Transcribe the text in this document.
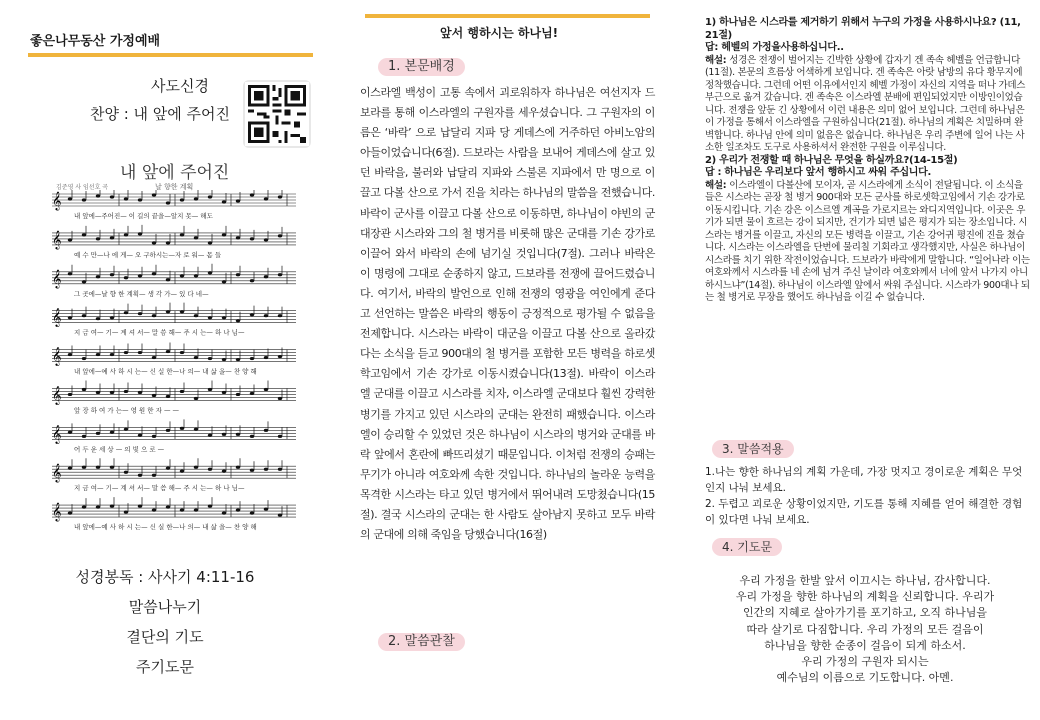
좋은나무동산 가정예배
사도신경
찬양 : 내 앞에 주어진
내 앞에 주어진
김준영 사 임선호 곡	날 향한 계획
𝄞
내 앞에—주어진— 이 길의 끝을—알지 못— 해도
𝄞
예 수 만—나 에 게— 오 구하시는—자 로 워— 몸 들
𝄞
그 곳에—날 향 한 계획— 생 각 가— 있 다 네—
𝄞
지 금 여— 기— 계 셔 서— 말 씀 해— 주 시 는— 하 나 님—
𝄞
내 앞에—예 사 하 시 는— 신 실 한—나 의— 내 삶 을— 찬 양 해
𝄞
앞 장 하 여 가 는— 영 원 한 자 — —
𝄞
어 두 운 세 상 — 의 빛 으 로 —
𝄞
지 금 여— 기— 계 셔 서— 말 씀 해— 주 시 는— 하 나 님—
𝄞
내 앞에—예 사 하 시 는— 신 실 한—나 의— 내 삶 을— 찬 양 해
성경봉독 : 사사기 4:11-16
말씀나누기
결단의 기도
주기도문
앞서 행하시는 하나님!
1. 본문배경
이스라엘 백성이 고통 속에서 괴로워하자 하나님은 여선지자 드보라를 통해 이스라엘의 구원자를 세우셨습니다. 그 구원자의 이름은 ‘바락’ 으로 납달리 지파 당 게데스에 거주하던 아비노암의 아들이었습니다(6절). 드보라는 사람을 보내어 게데스에 살고 있던 바락을, 불러와 납달리 지파와 스불론 지파에서 만 명으로 이끌고 다볼 산으로 가서 진을 치라는 하나님의 말씀을 전했습니다. 바락이 군사를 이끌고 다볼 산으로 이동하면, 하나님이 야빈의 군대장관 시스라와 그의 철 병거를 비롯해 많은 군대를 기손 강가로 이끌어 와서 바락의 손에 넘기실 것입니다(7절). 그러나 바락은 이 명령에 그대로 순종하지 않고, 드보라를 전쟁에 끌어드렸습니다. 여기서, 바락의 발언으로 인해 전쟁의 영광을 여인에게 준다고 선언하는 말씀은 바락의 행동이 긍정적으로 평가될 수 없음을 전제합니다. 시스라는 바락이 대군을 이끌고 다볼 산으로 올라갔다는 소식을 듣고 900대의 철 병거를 포함한 모든 병력을 하로셋학고임에서 기손 강가로 이동시켰습니다(13절). 바락이 이스라엘 군대를 이끌고 시스라를 치자, 이스라엘 군대보다 훨씬 강력한 병기를 가지고 있던 시스라의 군대는 완전히 패했습니다. 이스라엘이 승리할 수 있었던 것은 하나님이 시스라의 병거와 군대를 바락 앞에서 혼란에 빠뜨리셨기 때문입니다. 이처럼 전쟁의 승패는 무기가 아니라 여호와께 속한 것입니다. 하나님의 놀라운 능력을 목격한 시스라는 타고 있던 병거에서 뛰어내려 도망쳤습니다(15절). 결국 시스라의 군대는 한 사람도 살아남지 못하고 모두 바락의 군대에 의해 죽임을 당했습니다(16절)
2. 말씀관찰
1) 하나님은 시스라를 제거하기 위해서 누구의 가정을 사용하시나요? (11, 21절)
답: 헤벨의 가정을사용하십니다..
해설: 성경은 전쟁이 벌어지는 긴박한 상황에 갑자기 겐 족속 헤벨을 언급합니다(11절). 본문의 흐름상 어색하게 보입니다. 겐 족속은 아랏 남방의 유다 황무지에 정착했습니다. 그런데 어떤 이유에서인지 헤벨 가정이 자신의 지역을 떠나 가데스 부근으로 옮겨 갔습니다. 겐 족속은 이스라엘 분배에 편입되었지만 이방인이었습니다. 전쟁을 앞둔 긴 상황에서 이런 내용은 의미 없어 보입니다. 그런데 하나님은 이 가정을 통해서 이스라엘을 구원하십니다(21절). 하나님의 계획은 치밀하며 완벽합니다. 하나님 안에 의미 없음은 없습니다. 하나님은 우리 주변에 일어 나는 사소한 일조차도 도구로 사용하셔서 완전한 구원을 이루십니다.
2) 우리가 전쟁할 때 하나님은 무엇을 하실까요?(14-15절)
답 : 하나님은 우리보다 앞서 행하시고 싸워 주십니다.
해설: 이스라엘이 다볼산에 모이자, 곧 시스라에게 소식이 전달됩니다. 이 소식을 들은 시스라는 곧장 철 병거 900대와 모든 군사를 하로셋학고임에서 기손 강가로 이동시킵니다. 기손 강은 이스르엘 계곡을 가로지르는 와디지역입니다. 이곳은 우기가 되면 물이 흐르는 강이 되지만, 건기가 되면 넓은 평지가 되는 장소입니다. 시스라는 병거를 이끌고, 자신의 모든 병력을 이끌고, 기손 강어귀 평진에 진을 쳤습니다. 시스라는 이스라엘을 단번에 물리칠 기회라고 생각했지만, 사실은 하나님이 시스라를 치기 위한 작전이었습니다. 드보라가 바락에게 말합니다. “일어나라 이는 여호와께서 시스라를 네 손에 넘겨 주신 날이라 여호와께서 너에 앞서 나가지 아니하시느냐”(14절). 하나님이 이스라엘 앞에서 싸워 주십니다. 시스라가 900대나 되는 철 병거로 무장을 했어도 하나님을 이길 수 없습니다.
3. 말씀적용
1.나는 향한 하나님의 계획 가운데, 가장 멋지고 경이로운 계획은 무엇인지 나눠 보세요.
2. 두렵고 괴로운 상황이었지만, 기도를 통해 지혜를 얻어 해결한 경험이 있다면 나눠 보세요.
4. 기도문
우리 가정을 한발 앞서 이끄시는 하나님, 감사합니다.
우리 가정을 향한 하나님의 계획을 신뢰합니다. 우리가
인간의 지혜로 살아가기를 포기하고, 오직 하나님을
따라 살기로 다짐합니다. 우리 가정의 모든 걸음이
하나님을 향한 순종이 걸음이 되게 하소서.
우리 가정의 구원자 되시는
예수님의 이름으로 기도합니다. 아멘.
